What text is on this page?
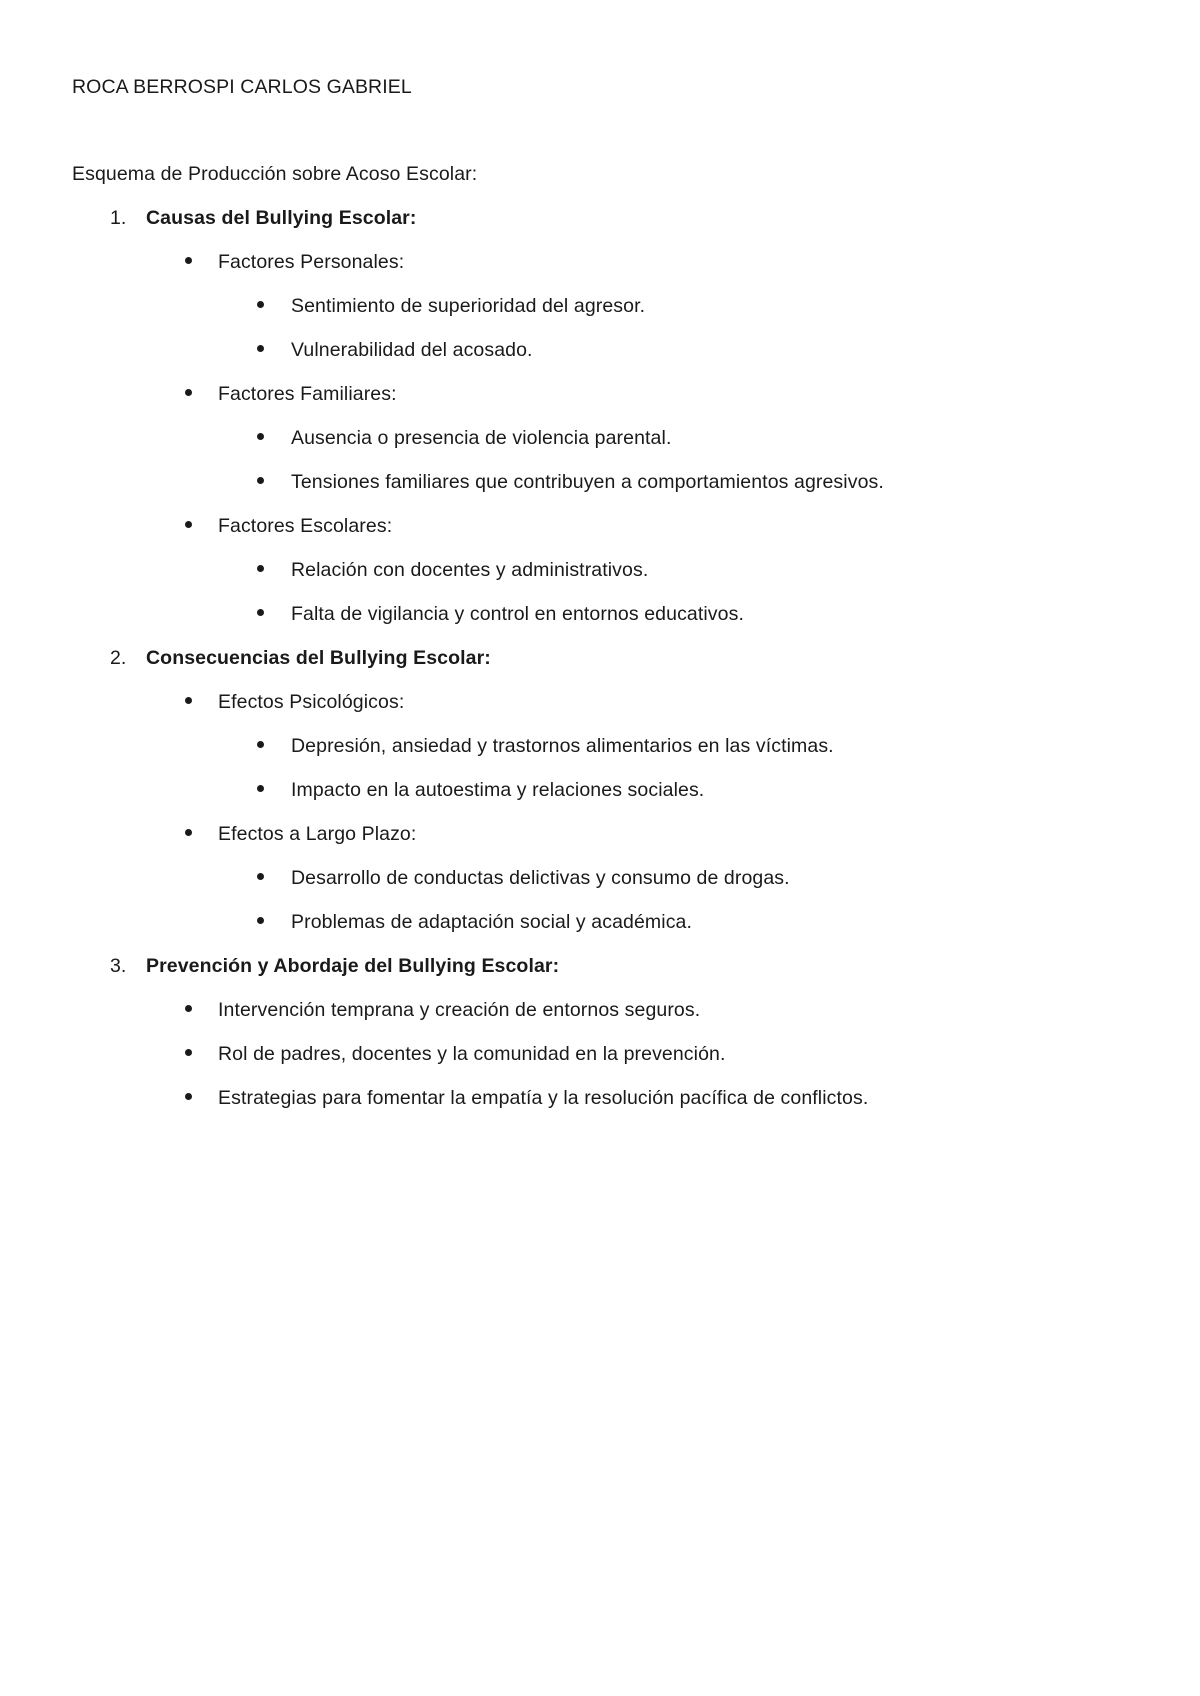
ROCA BERROSPI CARLOS GABRIEL
Esquema de Producción sobre Acoso Escolar:
1. Causas del Bullying Escolar:
Factores Personales:
Sentimiento de superioridad del agresor.
Vulnerabilidad del acosado.
Factores Familiares:
Ausencia o presencia de violencia parental.
Tensiones familiares que contribuyen a comportamientos agresivos.
Factores Escolares:
Relación con docentes y administrativos.
Falta de vigilancia y control en entornos educativos.
2. Consecuencias del Bullying Escolar:
Efectos Psicológicos:
Depresión, ansiedad y trastornos alimentarios en las víctimas.
Impacto en la autoestima y relaciones sociales.
Efectos a Largo Plazo:
Desarrollo de conductas delictivas y consumo de drogas.
Problemas de adaptación social y académica.
3. Prevención y Abordaje del Bullying Escolar:
Intervención temprana y creación de entornos seguros.
Rol de padres, docentes y la comunidad en la prevención.
Estrategias para fomentar la empatía y la resolución pacífica de conflictos.
